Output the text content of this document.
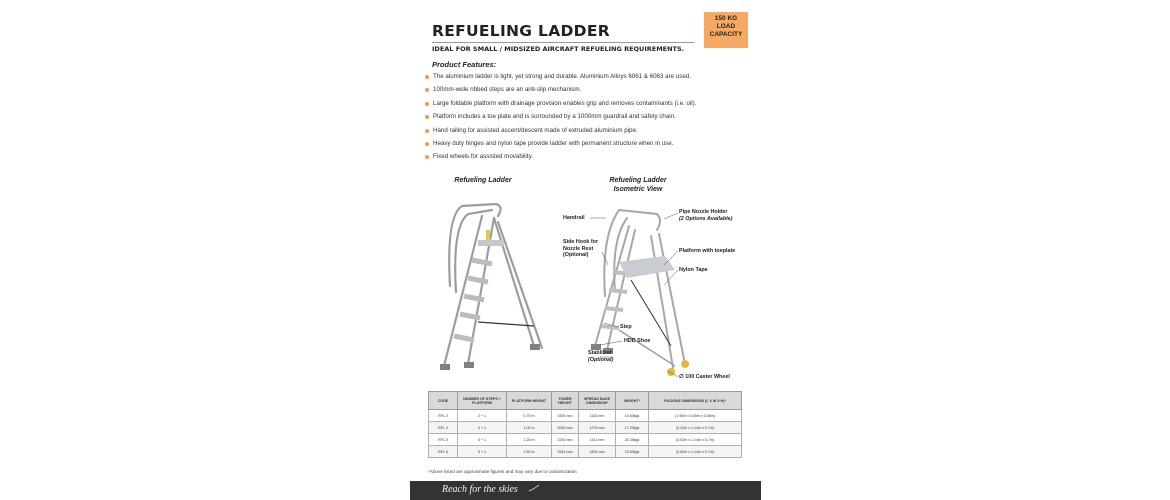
REFUELING LADDER
IDEAL FOR SMALL / MIDSIZED AIRCRAFT REFUELING REQUIREMENTS.
150 KG
LOAD
CAPACITY
Product Features:
The aluminium ladder is light, yet strong and durable. Aluminium Alloys 6061 & 6063 are used.
100mm-wide ribbed steps are an anti-slip mechanism.
Large foldable platform with drainage provision enables grip and removes contaminants (i.e. oil).
Platform includes a toe plate and is surrounded by a 1000mm guardrail and safety chain.
Hand railing for assisted ascent/descent made of extruded aluminium pipe.
Heavy duty hinges and nylon tape provide ladder with permanent structure when in use.
Fixed wheels for assisted movability.
Refueling Ladder	Refueling Ladder
Isometric View
Handrail
Side Hook for
Nozzle Rest
(Optional)
Pipe Nozzle Holder
(2 Options Available)
Platform with toeplate
Nylon Tape
Step
HDD Shoe
Stabilizer
(Optional)
∅ 100 Caster Wheel
CODE	NUMBER OF STEPS + PLATFORM	PLATFORM HEIGHT	TOWER HEIGHT	SPREAD BASE DIMENSION*	WEIGHT*	PACKING DIMENSIONS (L X W X H)*
RFL 3	2 + 1	0.75 m	1691 mm	1163 mm	10.60kgs	(1.90m x 0.55m x 0.58m)
RFL 4	3 + 1	1.00 m	2000 mm	1276 mm	17.20kgs	(2.22m x 1.14m x 0.7m)
RFL 5	4 + 1	1.25 m	2292 mm	1411 mm	20.35kgs	(2.52m x 1.14m x 0.7m)
RFL 6	5 + 1	1.50 m	2541 mm	1504 mm	23.50kgs	(2.82m x 1.14m x 0.7m)
*Above listed are approximate figures and may vary due to customization.
Reach for the skies
